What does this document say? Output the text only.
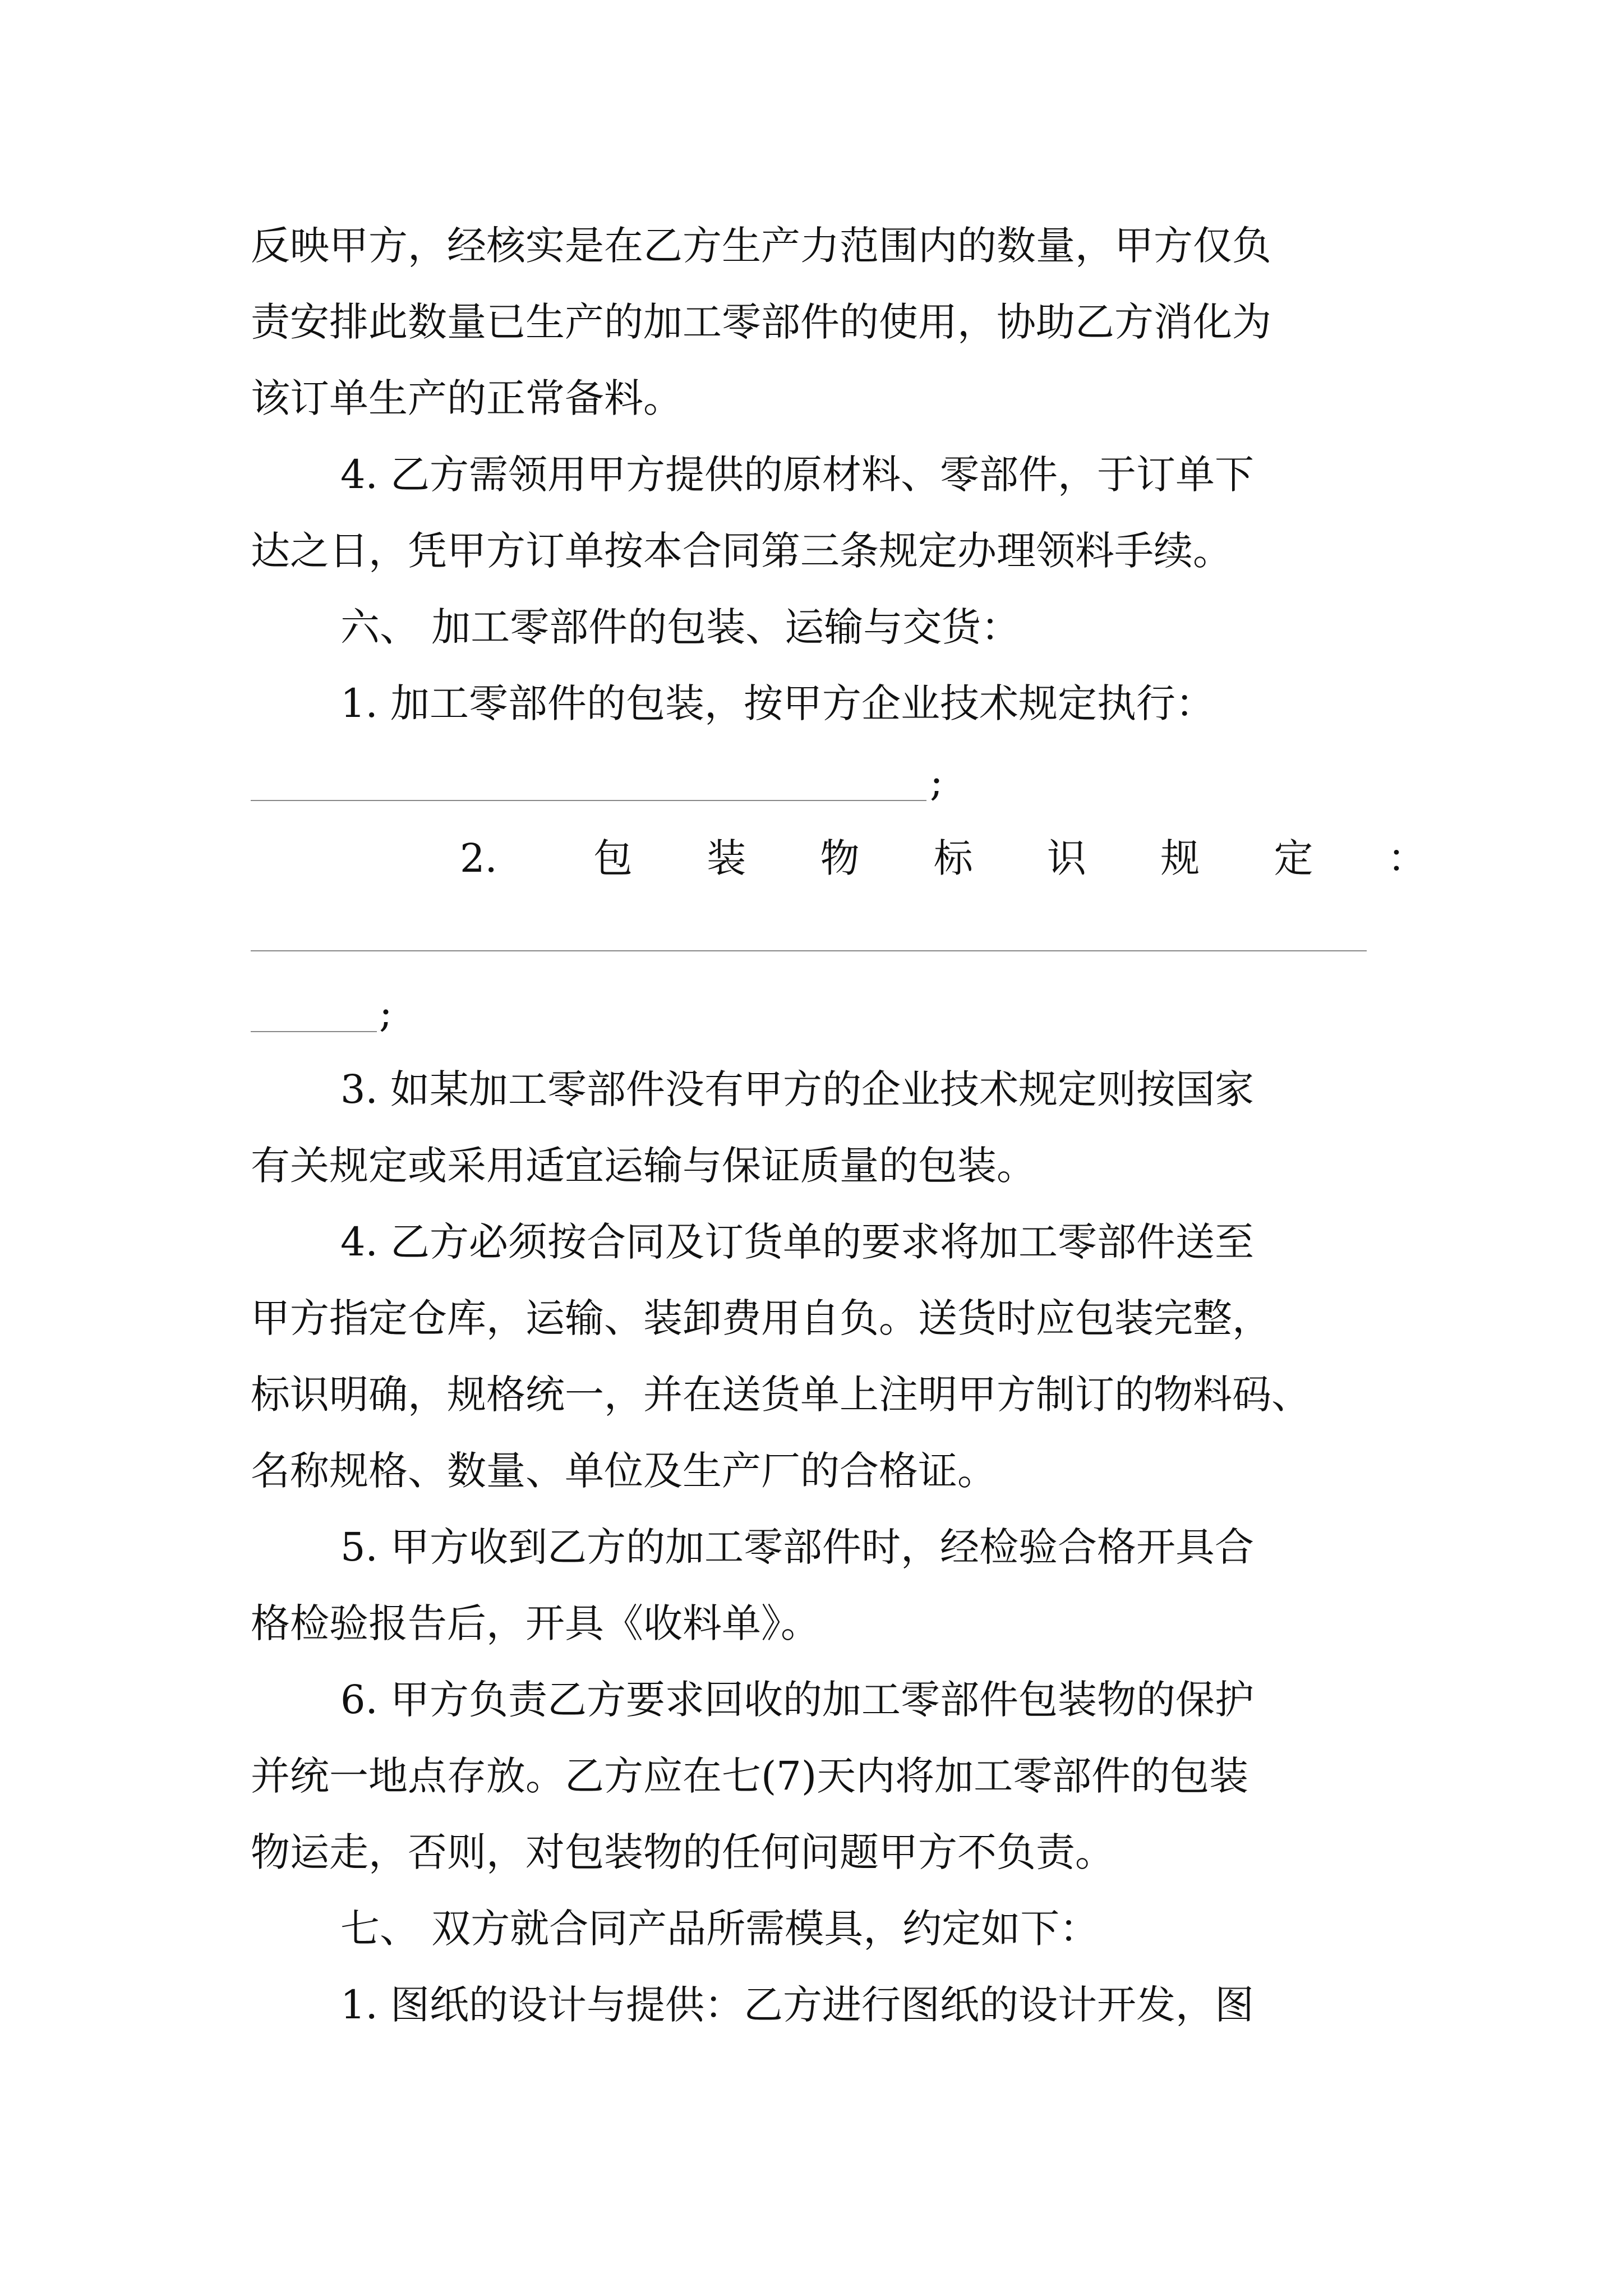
反映甲方，经核实是在乙方生产力范围内的数量，甲方仅负
责安排此数量已生产的加工零部件的使用，协助乙方消化为
该订单生产的正常备料。
4. 乙方需领用甲方提供的原材料、零部件，于订单下
达之日，凭甲方订单按本合同第三条规定办理领料手续。
六、 加工零部件的包装、运输与交货：
1. 加工零部件的包装，按甲方企业技术规定执行：
;
2. 包 装 物 标 识 规 定 ：
;
3. 如某加工零部件没有甲方的企业技术规定则按国家
有关规定或采用适宜运输与保证质量的包装。
4. 乙方必须按合同及订货单的要求将加工零部件送至
甲方指定仓库，运输、装卸费用自负。送货时应包装完整，
标识明确，规格统一，并在送货单上注明甲方制订的物料码、
名称规格、数量、单位及生产厂的合格证。
5. 甲方收到乙方的加工零部件时，经检验合格开具合
格检验报告后，开具《收料单》。
6. 甲方负责乙方要求回收的加工零部件包装物的保护
并统一地点存放。乙方应在七(7)天内将加工零部件的包装
物运走，否则，对包装物的任何问题甲方不负责。
七、 双方就合同产品所需模具，约定如下：
1. 图纸的设计与提供：乙方进行图纸的设计开发，图
